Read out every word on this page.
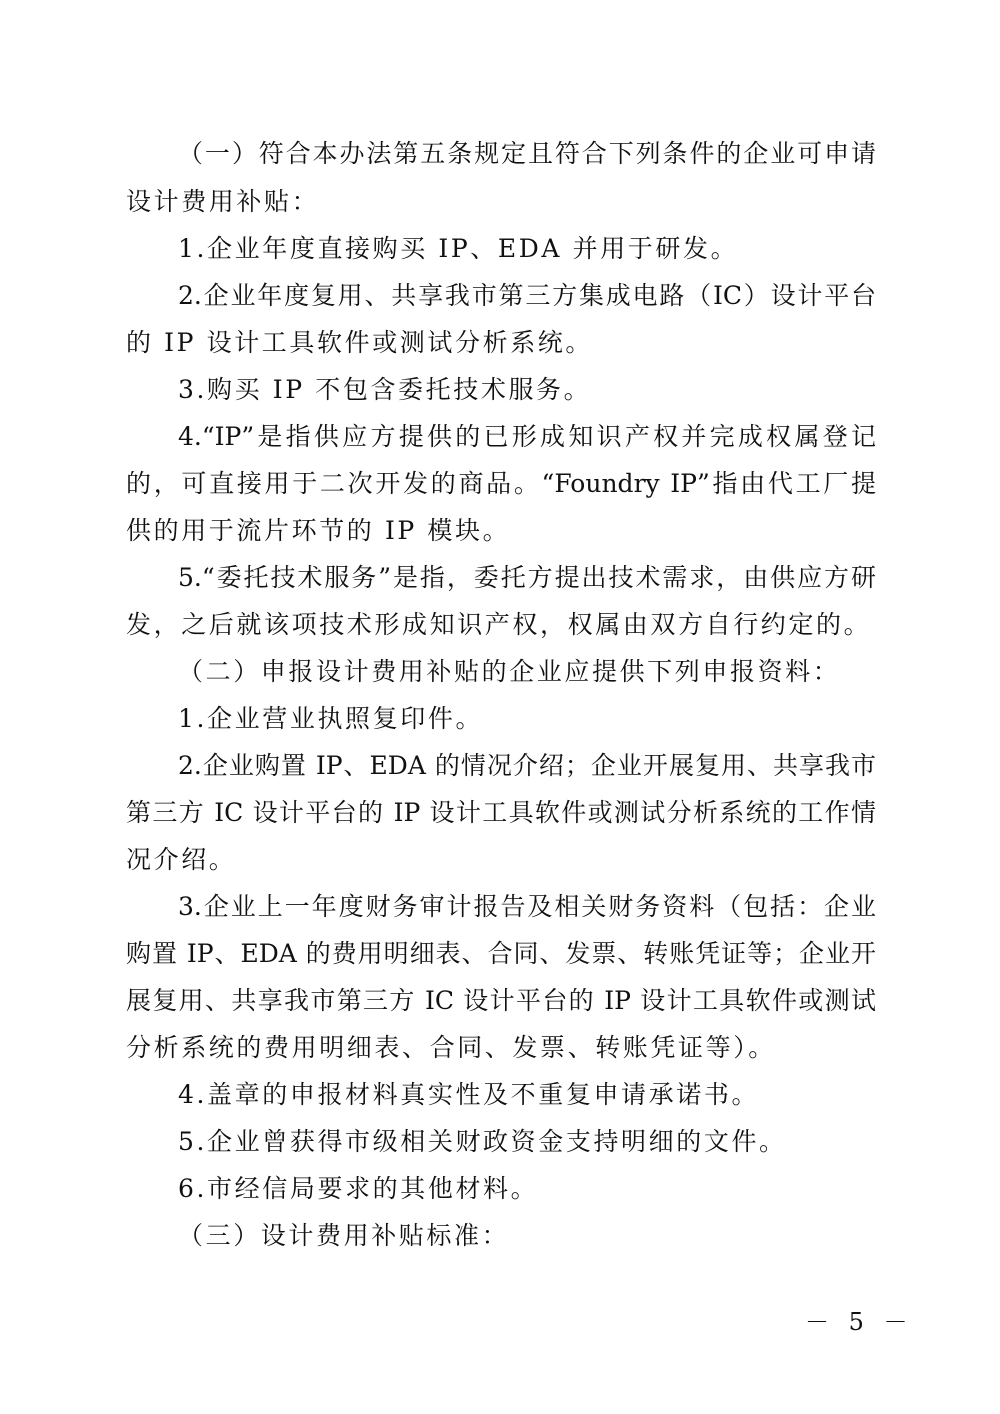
（一）符合本办法第五条规定且符合下列条件的企业可申请
设计费用补贴：
1.企业年度直接购买 IP、EDA 并用于研发。
2.企业年度复用、共享我市第三方集成电路（IC）设计平台
的 IP 设计工具软件或测试分析系统。
3.购买 IP 不包含委托技术服务。
4.“IP”是指供应方提供的已形成知识产权并完成权属登记
的，可直接用于二次开发的商品。“Foundry IP”指由代工厂提
供的用于流片环节的 IP 模块。
5.“委托技术服务”是指，委托方提出技术需求，由供应方研
发，之后就该项技术形成知识产权，权属由双方自行约定的。
（二）申报设计费用补贴的企业应提供下列申报资料：
1.企业营业执照复印件。
2.企业购置 IP、EDA 的情况介绍；企业开展复用、共享我市
第三方 IC 设计平台的 IP 设计工具软件或测试分析系统的工作情
况介绍。
3.企业上一年度财务审计报告及相关财务资料（包括：企业
购置 IP、EDA 的费用明细表、合同、发票、转账凭证等；企业开
展复用、共享我市第三方 IC 设计平台的 IP 设计工具软件或测试
分析系统的费用明细表、合同、发票、转账凭证等）。
4.盖章的申报材料真实性及不重复申请承诺书。
5.企业曾获得市级相关财政资金支持明细的文件。
6.市经信局要求的其他材料。
（三）设计费用补贴标准：
－ 5 －
